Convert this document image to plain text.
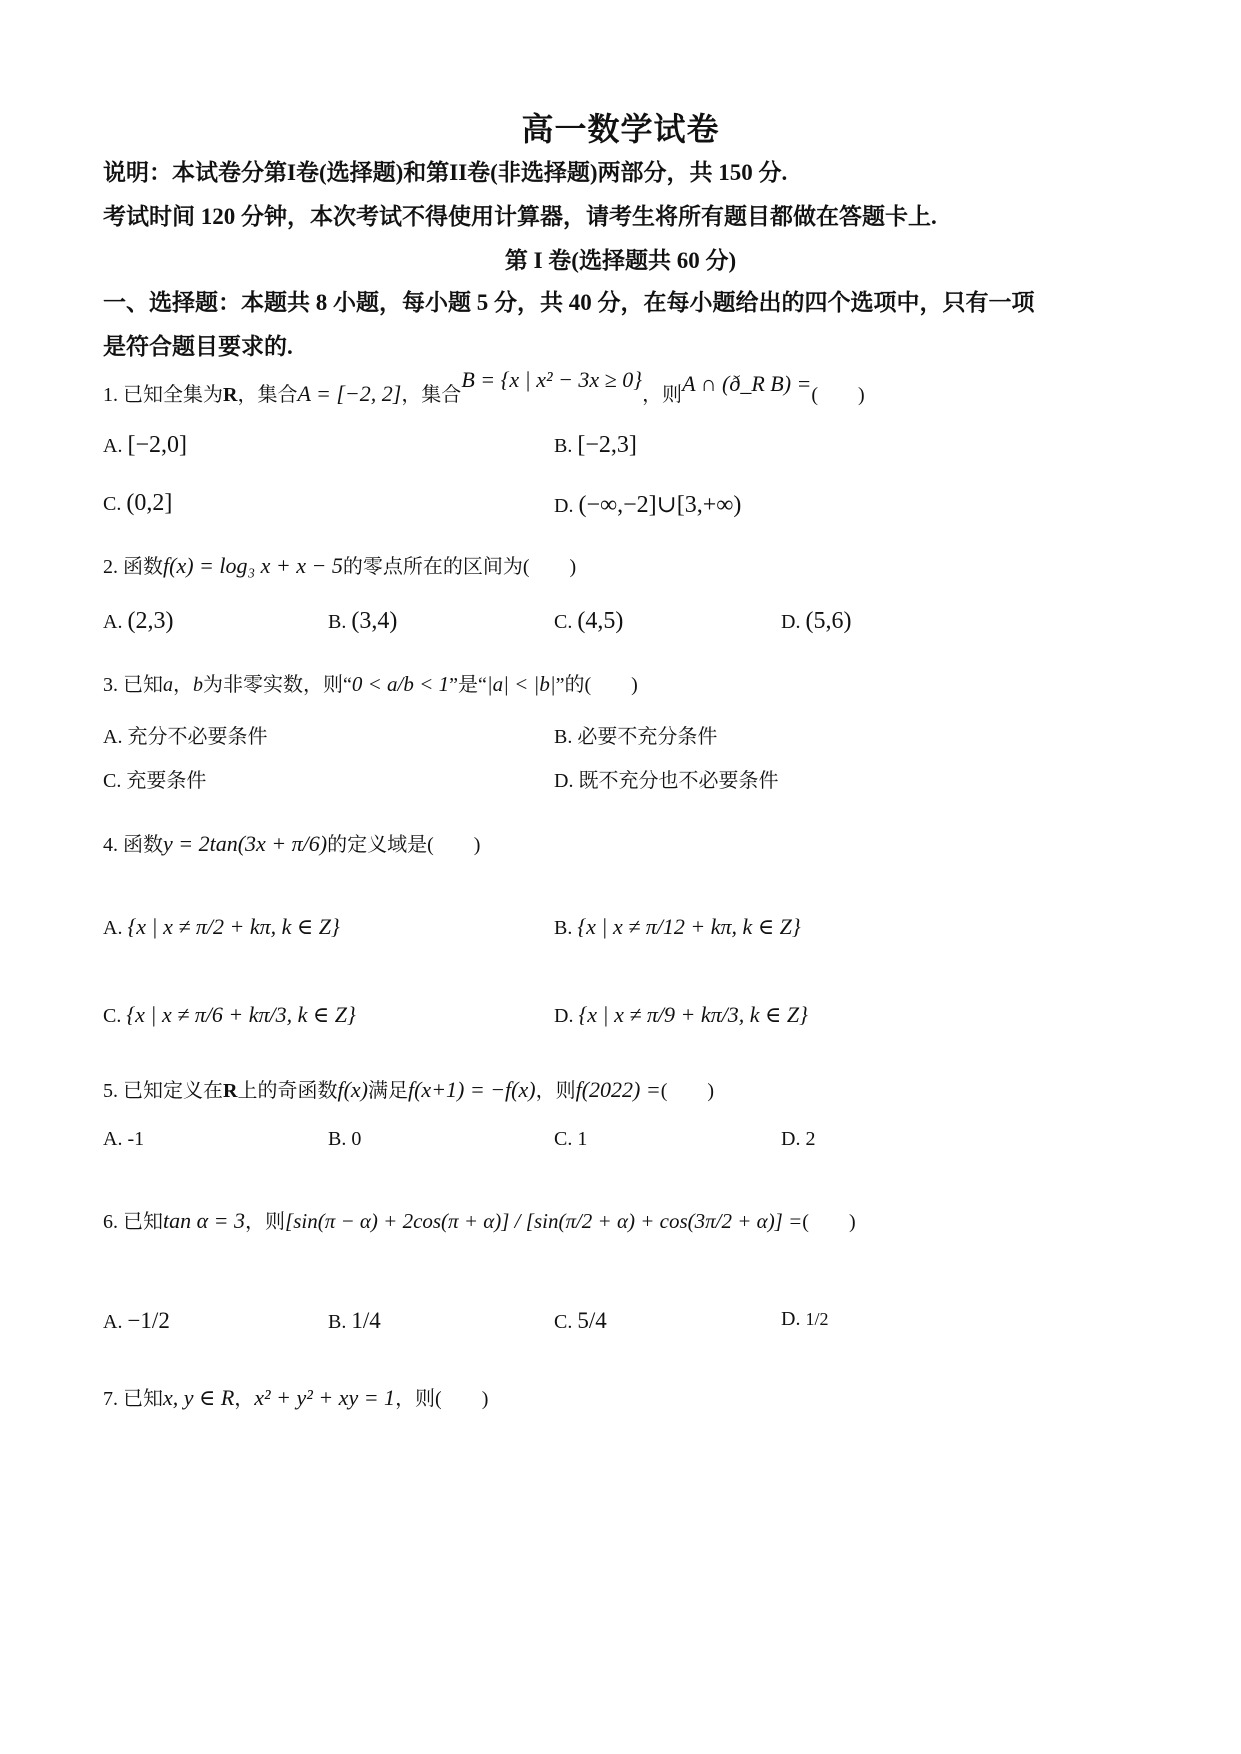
高一数学试卷
说明：本试卷分第I卷(选择题)和第II卷(非选择题)两部分，共 150 分.
考试时间 120 分钟，本次考试不得使用计算器，请考生将所有题目都做在答题卡上.
第 I 卷(选择题共 60 分)
一、选择题：本题共 8 小题，每小题 5 分，共 40 分，在每小题给出的四个选项中，只有一项
是符合题目要求的.
1. 已知全集为R，集合A = [−2, 2]，集合B = {x | x² − 3x ≥ 0}，则A ∩ (ð_R B) =(　　)
A. [−2,0]	B. [−2,3]
C. (0,2]	D. (−∞,−2]∪[3,+∞)
2. 函数f(x) = log₃ x + x − 5的零点所在的区间为(　　)
A. (2,3)	B. (3,4)	C. (4,5)	D. (5,6)
3. 已知a，b为非零实数，则“0 < a/b < 1”是“|a| < |b|”的(　　)
A. 充分不必要条件	B. 必要不充分条件
C. 充要条件	D. 既不充分也不必要条件
4. 函数y = 2tan(3x + π/6)的定义域是(　　)
A. {x | x ≠ π/2 + kπ, k ∈ Z}	B. {x | x ≠ π/12 + kπ, k ∈ Z}
C. {x | x ≠ π/6 + kπ/3, k ∈ Z}	D. {x | x ≠ π/9 + kπ/3, k ∈ Z}
5. 已知定义在R上的奇函数f(x)满足f(x+1) = −f(x)，则f(2022) =(　　)
A. -1	B. 0	C. 1	D. 2
6. 已知tan α = 3，则[sin(π − α) + 2cos(π + α)] / [sin(π/2 + α) + cos(3π/2 + α)] =(　　)
A. −1/2	B. 1/4	C. 5/4	D. 1/2
7. 已知x, y ∈ R，x² + y² + xy = 1，则(　　)
